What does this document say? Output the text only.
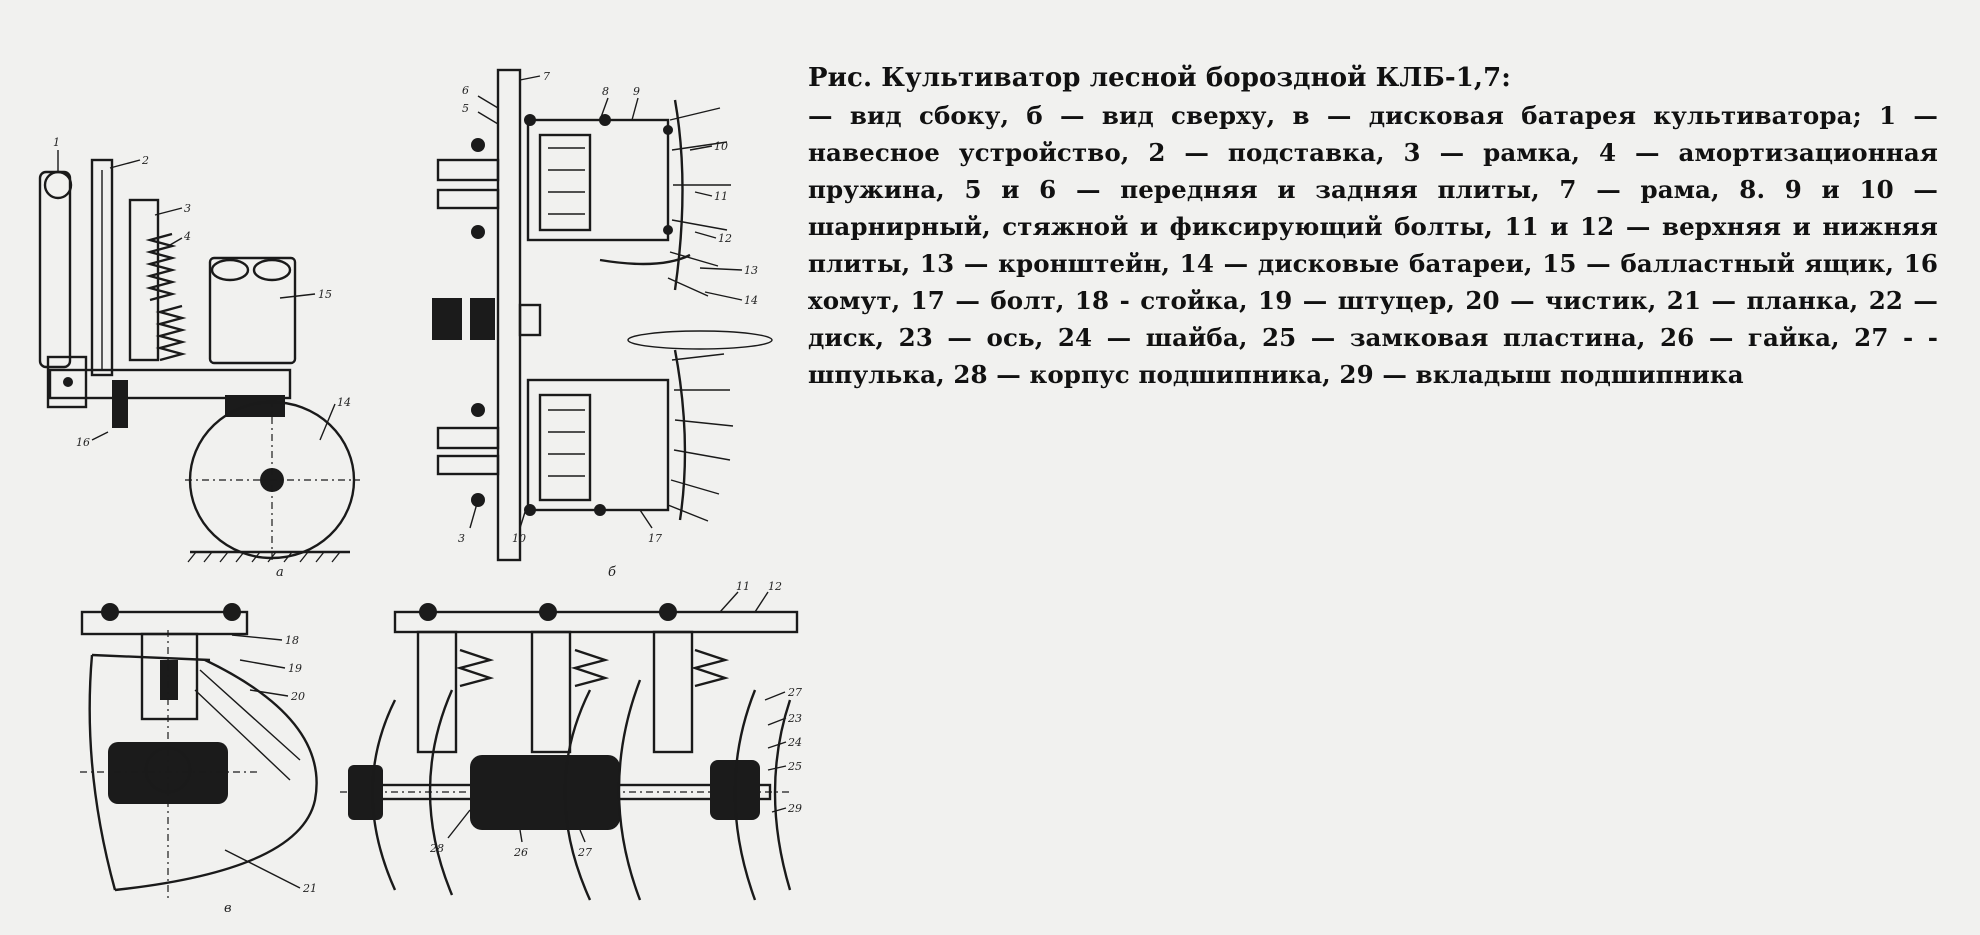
1
2
3
4
15
14
16
а
6
5
7
8 9
10
11
12
13
14
3	10	17
б
18
19
20
21
11 12
27
23
24
25
29
28	26	27
в
Рис. Культиватор лесной бороздной КЛБ-1,7:
— вид сбоку, б — вид сверху, в — дисковая батарея культиватора; 1 — навесное устройство, 2 — подставка, 3 — рамка, 4 — амортизационная пружина, 5 и 6 — передняя и задняя плиты, 7 — рама, 8. 9 и 10 — шарнирный, стяжной и фиксирующий болты, 11 и 12 — верхняя и нижняя плиты, 13 — кронштейн, 14 — дисковые батареи, 15 — балластный ящик, 16 хомут, 17 — болт, 18 - стойка, 19 — штуцер, 20 — чистик, 21 — планка, 22 — диск, 23 — ось, 24 — шайба, 25 — замковая пластина, 26 — гайка, 27 - - шпулька, 28 — корпус подшипника, 29 — вкладыш подшипника
